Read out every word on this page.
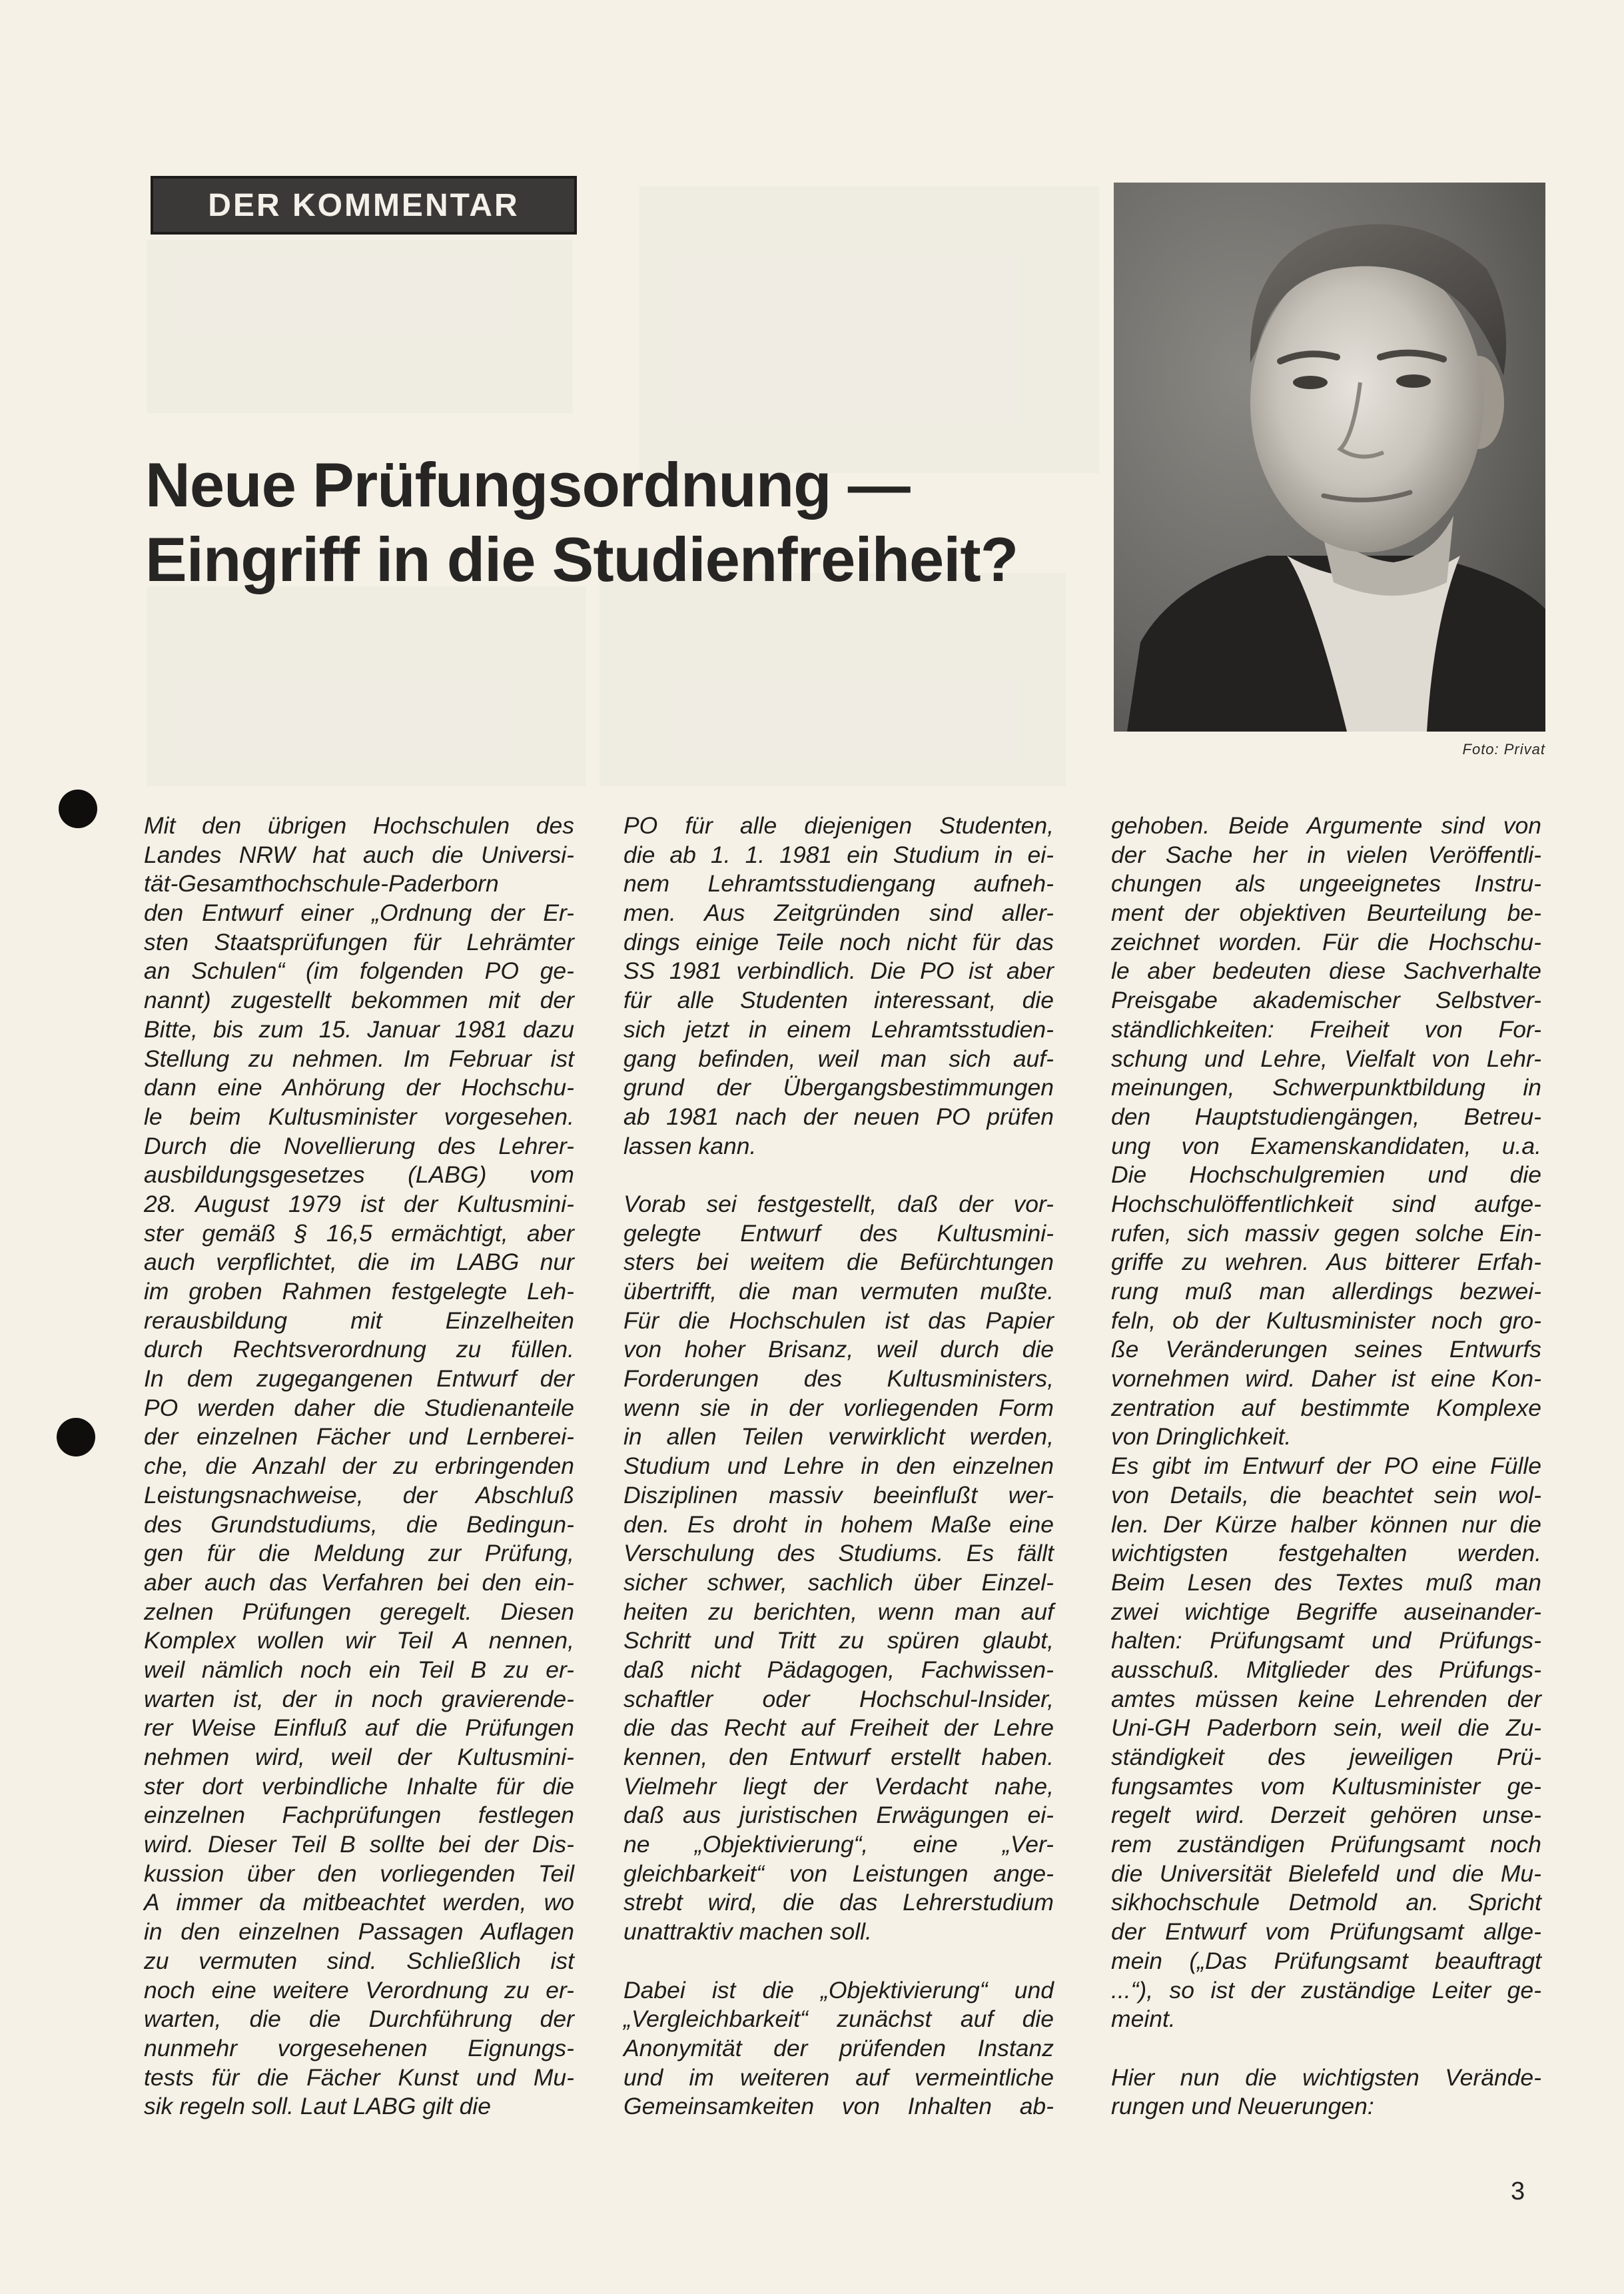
DER KOMMENTAR
Neue Prüfungsordnung —
Eingriff in die Studienfreiheit?
Foto: Privat
Mit den übrigen Hochschulen des
Landes NRW hat auch die Universi-
tät-Gesamthochschule-Paderborn
den Entwurf einer „Ordnung der Er-
sten Staatsprüfungen für Lehrämter
an Schulen“ (im folgenden PO ge-
nannt) zugestellt bekommen mit der
Bitte, bis zum 15. Januar 1981 dazu
Stellung zu nehmen. Im Februar ist
dann eine Anhörung der Hochschu-
le beim Kultusminister vorgesehen.
Durch die Novellierung des Lehrer-
ausbildungsgesetzes (LABG) vom
28. August 1979 ist der Kultusmini-
ster gemäß § 16,5 ermächtigt, aber
auch verpflichtet, die im LABG nur
im groben Rahmen festgelegte Leh-
rerausbildung mit Einzelheiten
durch Rechtsverordnung zu füllen.
In dem zugegangenen Entwurf der
PO werden daher die Studienanteile
der einzelnen Fächer und Lernberei-
che, die Anzahl der zu erbringenden
Leistungsnachweise, der Abschluß
des Grundstudiums, die Bedingun-
gen für die Meldung zur Prüfung,
aber auch das Verfahren bei den ein-
zelnen Prüfungen geregelt. Diesen
Komplex wollen wir Teil A nennen,
weil nämlich noch ein Teil B zu er-
warten ist, der in noch gravierende-
rer Weise Einfluß auf die Prüfungen
nehmen wird, weil der Kultusmini-
ster dort verbindliche Inhalte für die
einzelnen Fachprüfungen festlegen
wird. Dieser Teil B sollte bei der Dis-
kussion über den vorliegenden Teil
A immer da mitbeachtet werden, wo
in den einzelnen Passagen Auflagen
zu vermuten sind. Schließlich ist
noch eine weitere Verordnung zu er-
warten, die die Durchführung der
nunmehr vorgesehenen Eignungs-
tests für die Fächer Kunst und Mu-
sik regeln soll. Laut LABG gilt die
PO für alle diejenigen Studenten,
die ab 1. 1. 1981 ein Studium in ei-
nem Lehramtsstudiengang aufneh-
men. Aus Zeitgründen sind aller-
dings einige Teile noch nicht für das
SS 1981 verbindlich. Die PO ist aber
für alle Studenten interessant, die
sich jetzt in einem Lehramtsstudien-
gang befinden, weil man sich auf-
grund der Übergangsbestimmungen
ab 1981 nach der neuen PO prüfen
lassen kann.
Vorab sei festgestellt, daß der vor-
gelegte Entwurf des Kultusmini-
sters bei weitem die Befürchtungen
übertrifft, die man vermuten mußte.
Für die Hochschulen ist das Papier
von hoher Brisanz, weil durch die
Forderungen des Kultusministers,
wenn sie in der vorliegenden Form
in allen Teilen verwirklicht werden,
Studium und Lehre in den einzelnen
Disziplinen massiv beeinflußt wer-
den. Es droht in hohem Maße eine
Verschulung des Studiums. Es fällt
sicher schwer, sachlich über Einzel-
heiten zu berichten, wenn man auf
Schritt und Tritt zu spüren glaubt,
daß nicht Pädagogen, Fachwissen-
schaftler oder Hochschul-Insider,
die das Recht auf Freiheit der Lehre
kennen, den Entwurf erstellt haben.
Vielmehr liegt der Verdacht nahe,
daß aus juristischen Erwägungen ei-
ne „Objektivierung“, eine „Ver-
gleichbarkeit“ von Leistungen ange-
strebt wird, die das Lehrerstudium
unattraktiv machen soll.
Dabei ist die „Objektivierung“ und
„Vergleichbarkeit“ zunächst auf die
Anonymität der prüfenden Instanz
und im weiteren auf vermeintliche
Gemeinsamkeiten von Inhalten ab-
gehoben. Beide Argumente sind von
der Sache her in vielen Veröffentli-
chungen als ungeeignetes Instru-
ment der objektiven Beurteilung be-
zeichnet worden. Für die Hochschu-
le aber bedeuten diese Sachverhalte
Preisgabe akademischer Selbstver-
ständlichkeiten: Freiheit von For-
schung und Lehre, Vielfalt von Lehr-
meinungen, Schwerpunktbildung in
den Hauptstudiengängen, Betreu-
ung von Examenskandidaten, u.a.
Die Hochschulgremien und die
Hochschulöffentlichkeit sind aufge-
rufen, sich massiv gegen solche Ein-
griffe zu wehren. Aus bitterer Erfah-
rung muß man allerdings bezwei-
feln, ob der Kultusminister noch gro-
ße Veränderungen seines Entwurfs
vornehmen wird. Daher ist eine Kon-
zentration auf bestimmte Komplexe
von Dringlichkeit.
Es gibt im Entwurf der PO eine Fülle
von Details, die beachtet sein wol-
len. Der Kürze halber können nur die
wichtigsten festgehalten werden.
Beim Lesen des Textes muß man
zwei wichtige Begriffe auseinander-
halten: Prüfungsamt und Prüfungs-
ausschuß. Mitglieder des Prüfungs-
amtes müssen keine Lehrenden der
Uni-GH Paderborn sein, weil die Zu-
ständigkeit des jeweiligen Prü-
fungsamtes vom Kultusminister ge-
regelt wird. Derzeit gehören unse-
rem zuständigen Prüfungsamt noch
die Universität Bielefeld und die Mu-
sikhochschule Detmold an. Spricht
der Entwurf vom Prüfungsamt allge-
mein („Das Prüfungsamt beauftragt
...“), so ist der zuständige Leiter ge-
meint.
Hier nun die wichtigsten Verände-
rungen und Neuerungen:
3
